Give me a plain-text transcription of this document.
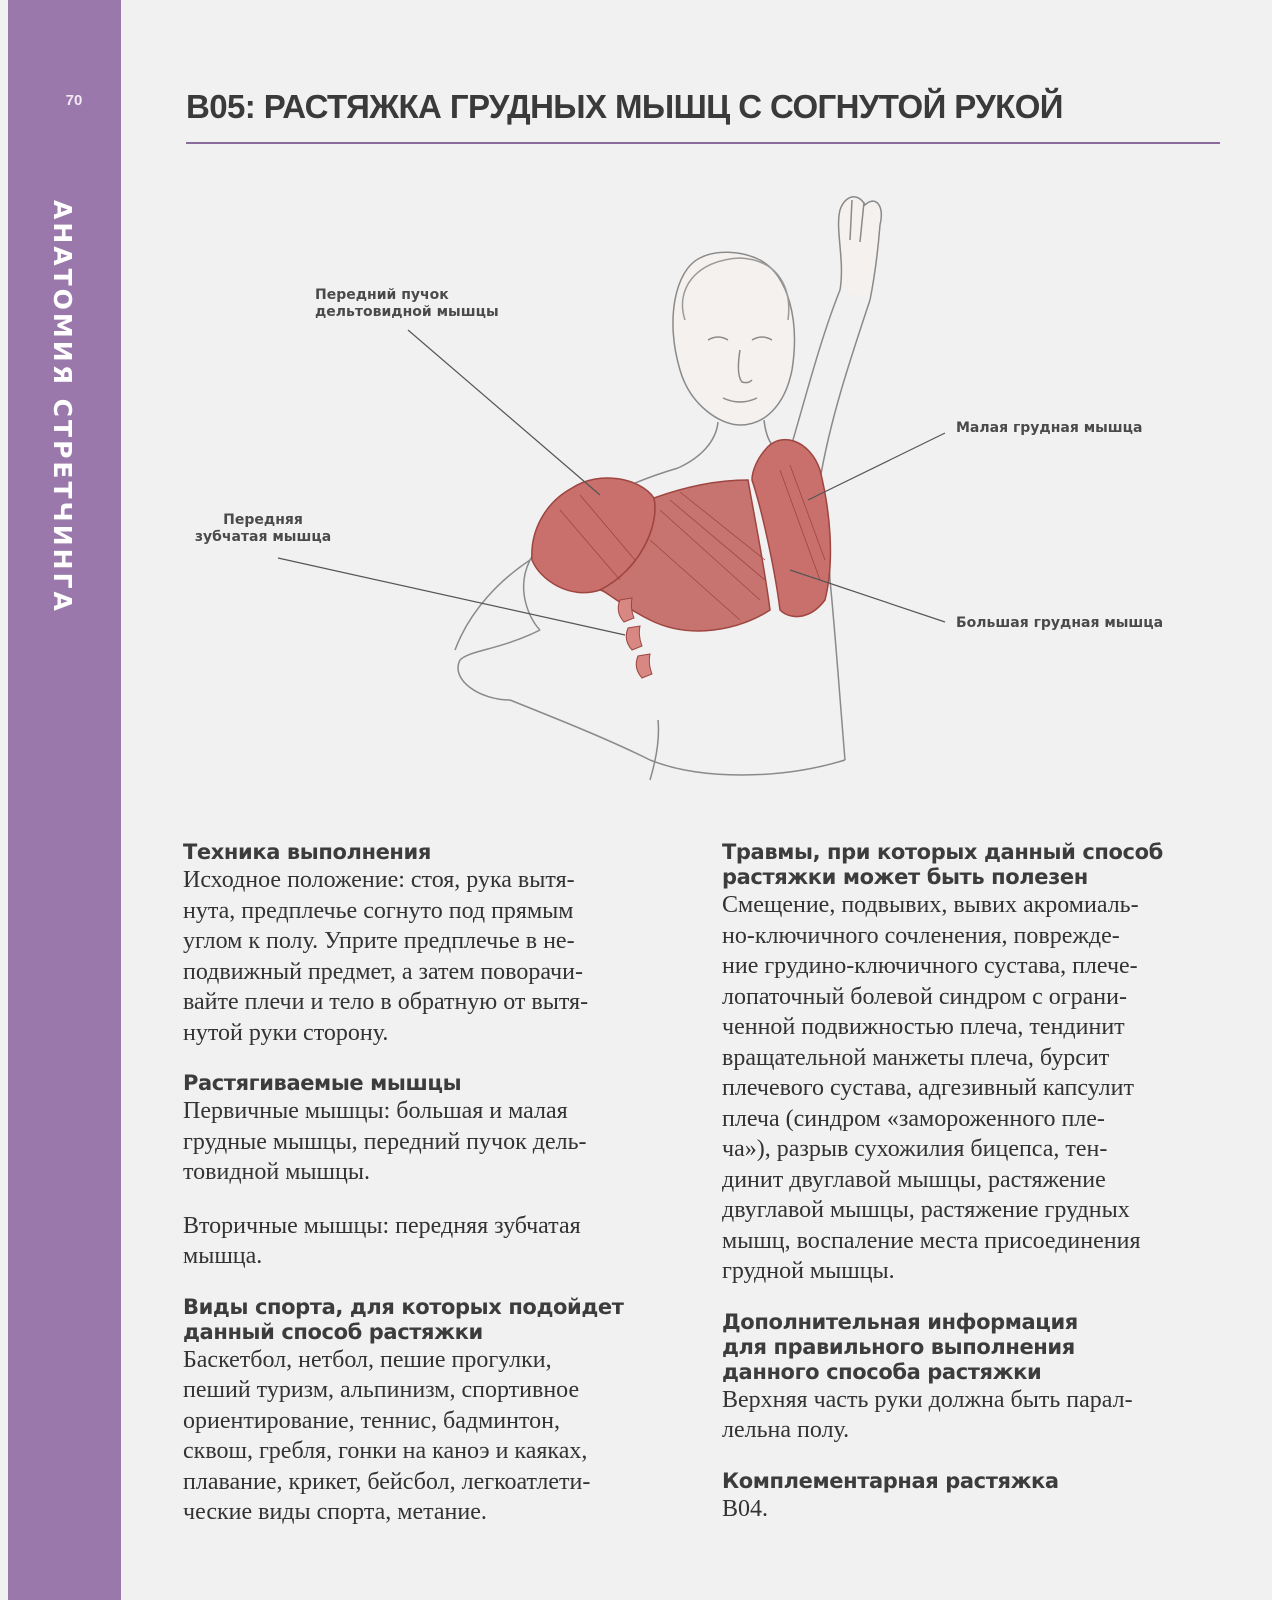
70
АНАТОМИЯ СТРЕТЧИНГА
B05: РАСТЯЖКА ГРУДНЫХ МЫШЦ С СОГНУТОЙ РУКОЙ
Передний пучок
дельтовидной мышцы
Малая грудная мышца
Передняя
зубчатая мышца
Большая грудная мышца
Техника выполнения

Исходное положение: стоя, рука вытя-

нута, предплечье согнуто под прямым

углом к полу. Уприте предплечье в не-

подвижный предмет, а затем поворачи-

вайте плечи и тело в обратную от вытя-

нутой руки сторону.

Растягиваемые мышцы

Первичные мышцы: большая и малая

грудные мышцы, передний пучок дель-

товидной мышцы.

Вторичные мышцы: передняя зубчатая

мышца.

Виды спорта, для которых подойдет
данный способ растяжки

Баскетбол, нетбол, пешие прогулки,

пеший туризм, альпинизм, спортивное

ориентирование, теннис, бадминтон,

сквош, гребля, гонки на каноэ и каяках,

плавание, крикет, бейсбол, легкоатлети-

ческие виды спорта, метание.

Травмы, при которых данный способ
растяжки может быть полезен

Смещение, подвывих, вывих акромиаль-

но-ключичного сочленения, поврежде-

ние грудино-ключичного сустава, плече-

лопаточный болевой синдром с ограни-

ченной подвижностью плеча, тендинит

вращательной манжеты плеча, бурсит

плечевого сустава, адгезивный капсулит

плеча (синдром «замороженного пле-

ча»), разрыв сухожилия бицепса, тен-

динит двуглавой мышцы, растяжение

двуглавой мышцы, растяжение грудных

мышц, воспаление места присоединения

грудной мышцы.

Дополнительная информация
для правильного выполнения
данного способа растяжки

Верхняя часть руки должна быть парал-

лельна полу.

Комплементарная растяжка

B04.
